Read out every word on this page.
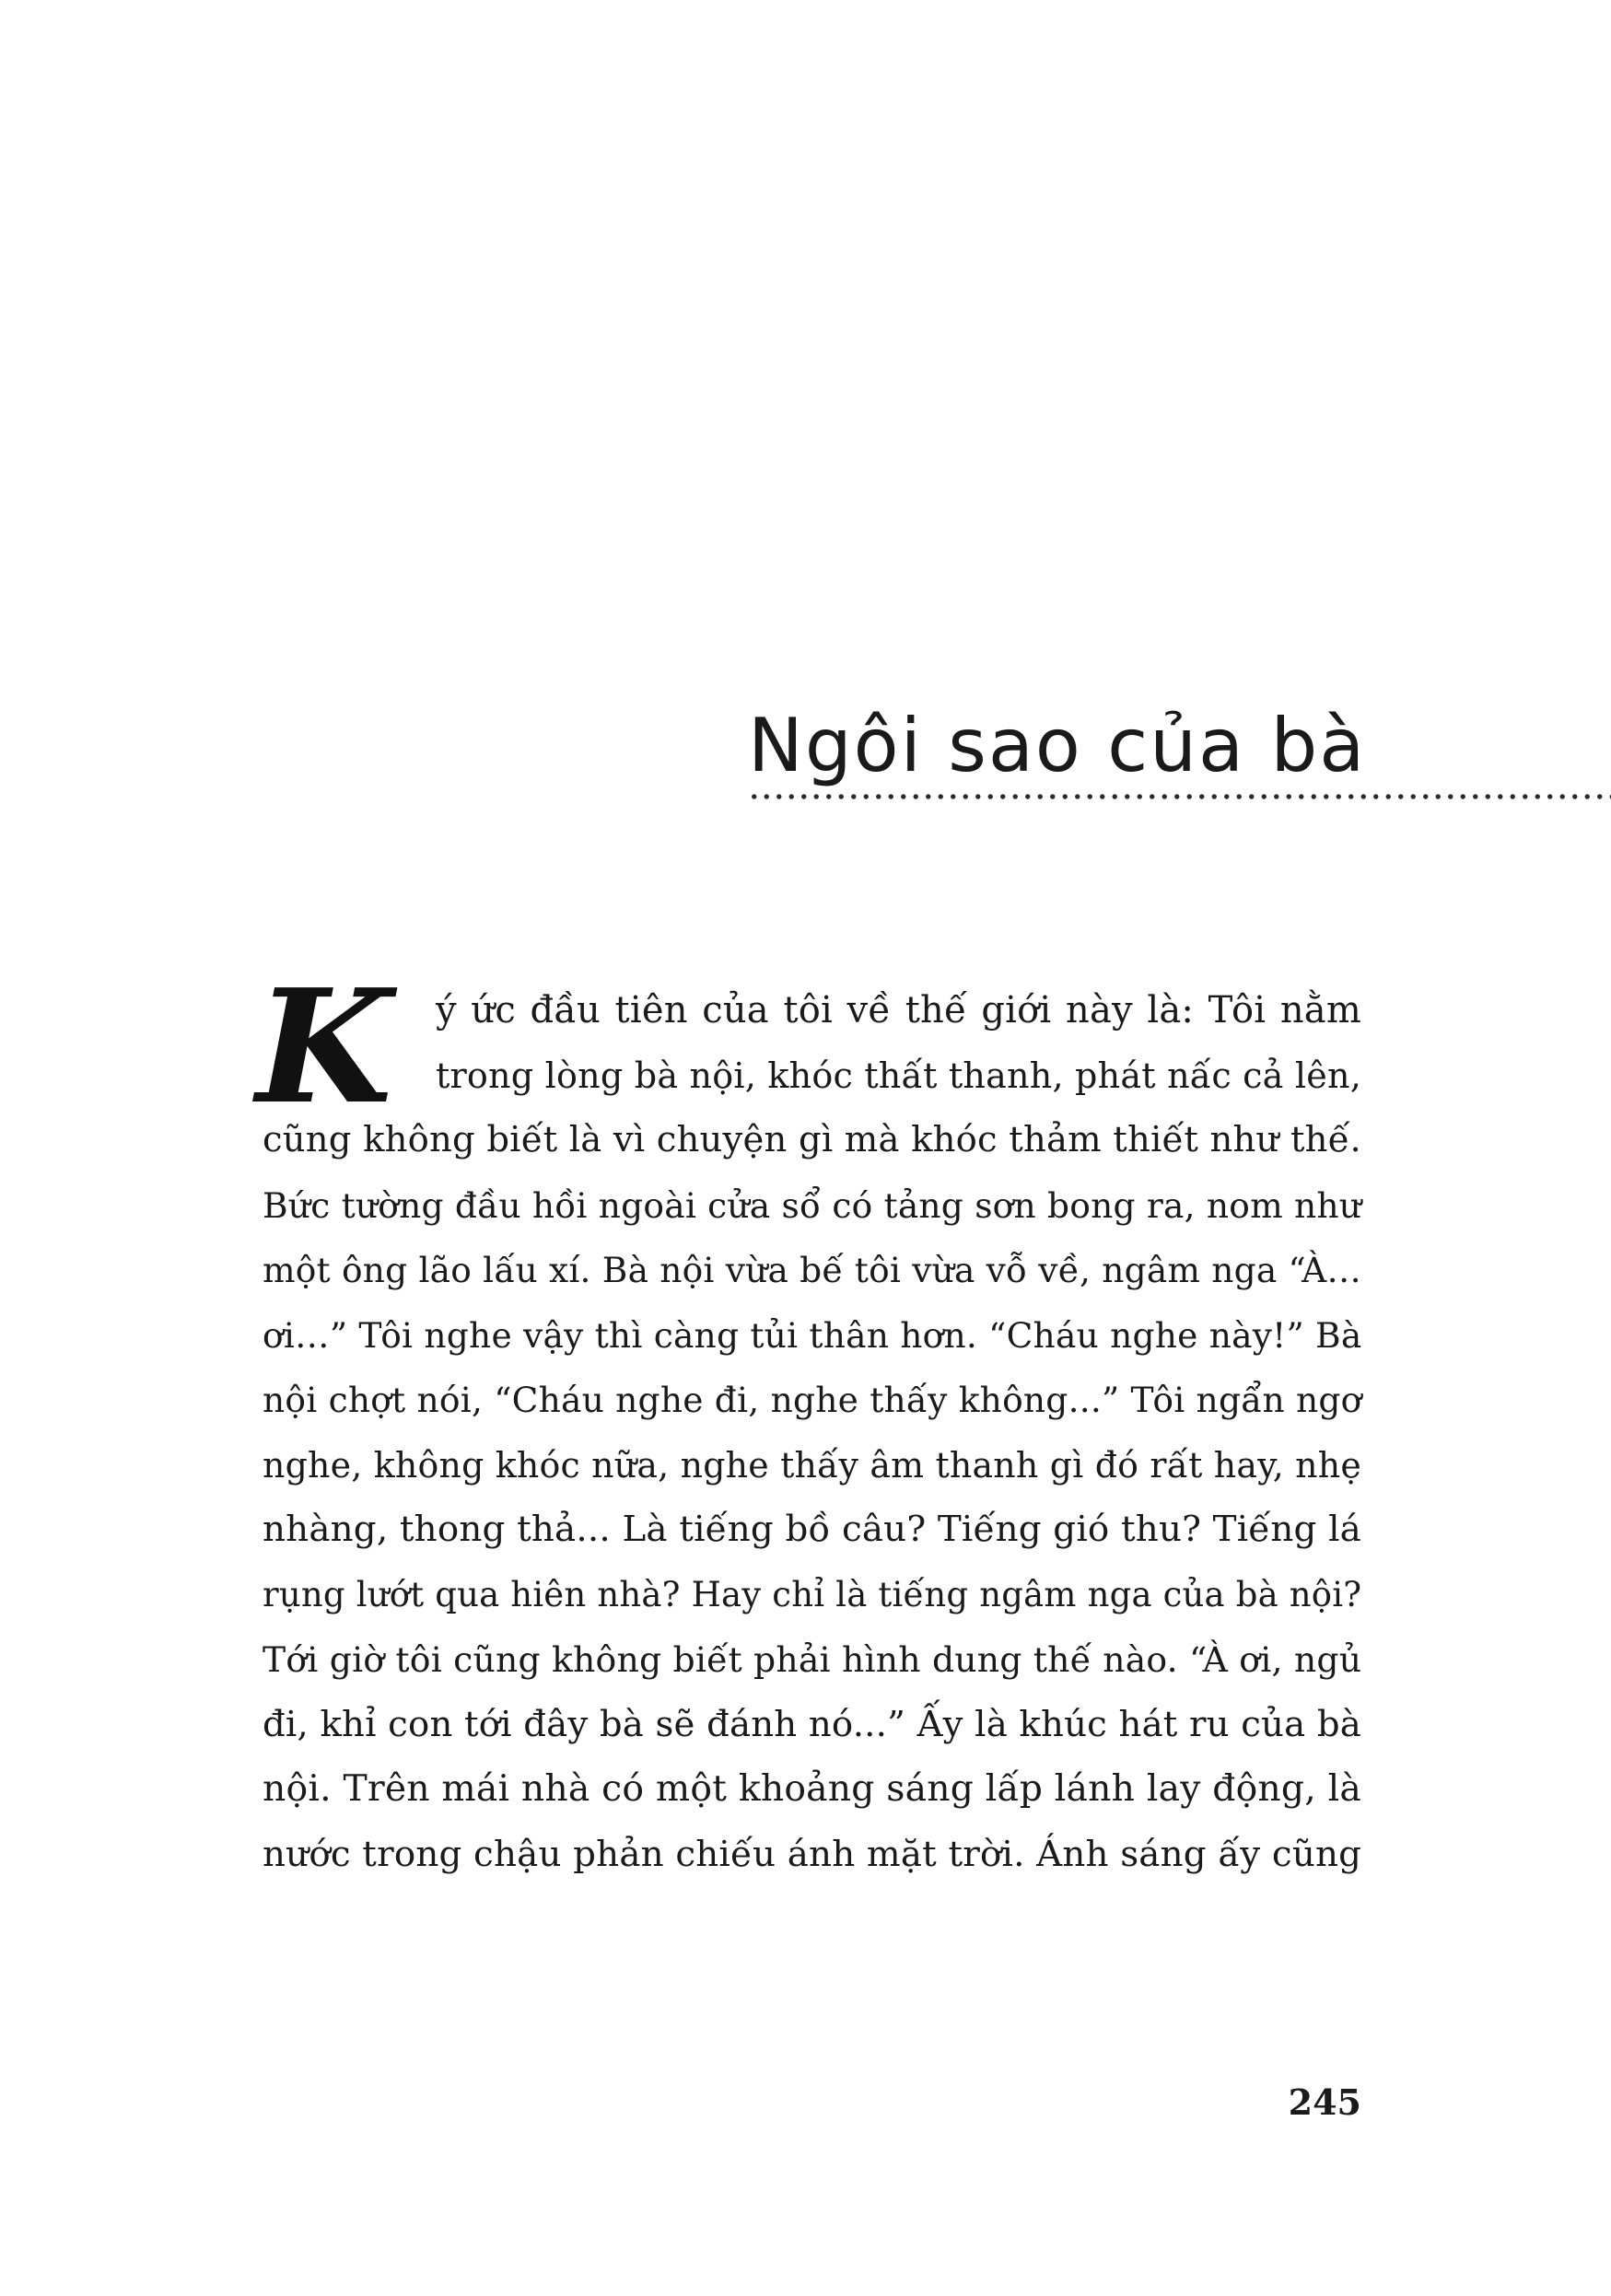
Ngôi sao của bà
K	ý ức đầu tiên của tôi về thế giới này là: Tôi nằm
trong lòng bà nội, khóc thất thanh, phát nấc cả lên,
cũng không biết là vì chuyện gì mà khóc thảm thiết như thế.
Bức tường đầu hồi ngoài cửa sổ có tảng sơn bong ra, nom như
một ông lão lấu xí. Bà nội vừa bế tôi vừa vỗ về, ngâm nga “À…
ơi…” Tôi nghe vậy thì càng tủi thân hơn. “Cháu nghe này!” Bà
nội chợt nói, “Cháu nghe đi, nghe thấy không...” Tôi ngẩn ngơ
nghe, không khóc nữa, nghe thấy âm thanh gì đó rất hay, nhẹ
nhàng, thong thả... Là tiếng bồ câu? Tiếng gió thu? Tiếng lá
rụng lướt qua hiên nhà? Hay chỉ là tiếng ngâm nga của bà nội?
Tới giờ tôi cũng không biết phải hình dung thế nào. “À ơi, ngủ
đi, khỉ con tới đây bà sẽ đánh nó...” Ấy là khúc hát ru của bà
nội. Trên mái nhà có một khoảng sáng lấp lánh lay động, là
nước trong chậu phản chiếu ánh mặt trời. Ánh sáng ấy cũng

245
